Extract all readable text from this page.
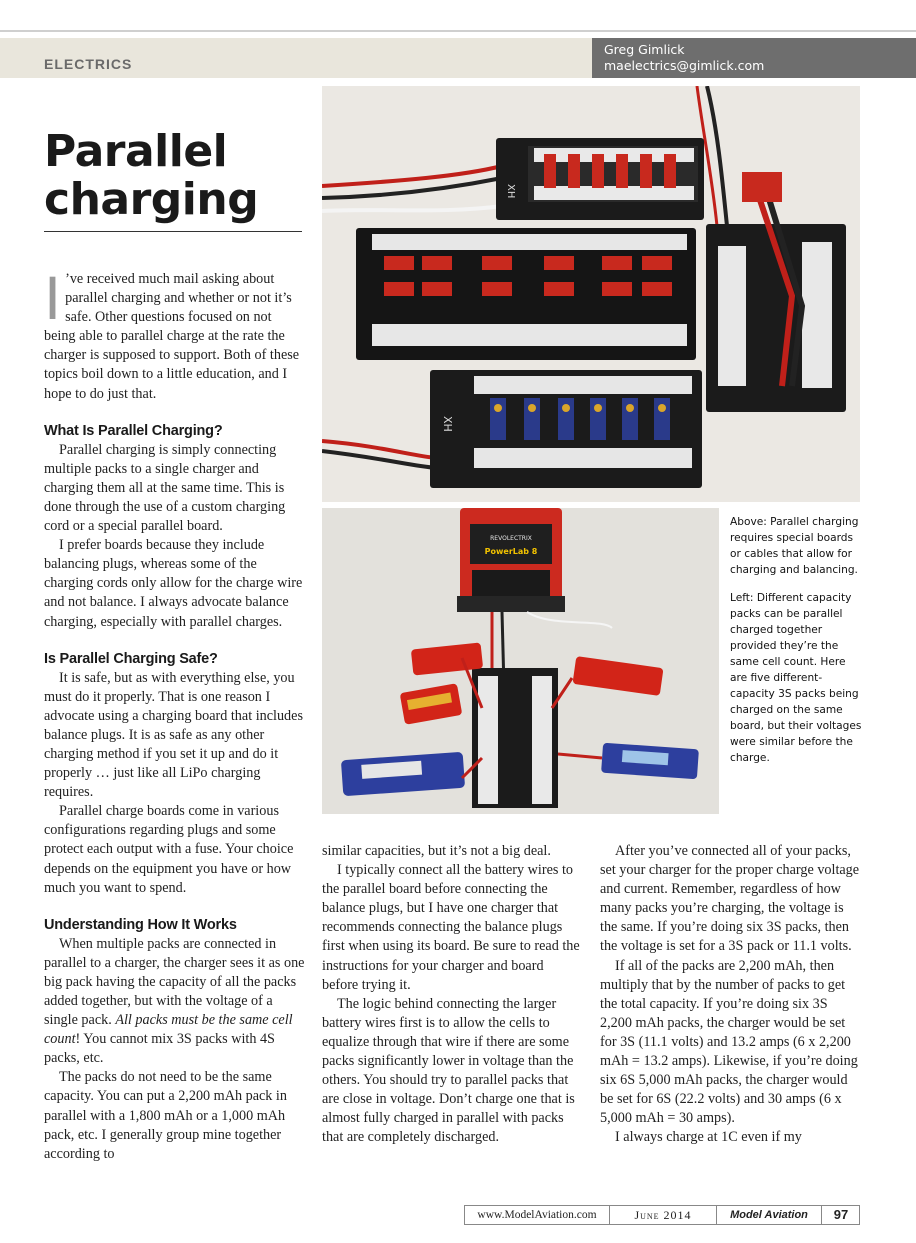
ELECTRICS
Greg Gimlick
maelectrics@gimlick.com
Parallel
charging

I ’ve received much mail asking about parallel charging and whether or not it’s safe. Other questions focused on not being able to parallel charge at the rate the charger is supposed to support. Both of these topics boil down to a little education, and I hope to do just that.

What Is Parallel Charging?

Parallel charging is simply connecting multiple packs to a single charger and charging them all at the same time. This is done through the use of a custom charging cord or a special parallel board.

I prefer boards because they include balancing plugs, whereas some of the charging cords only allow for the charge wire and not balance. I always advocate balance charging, especially with parallel charges.

Is Parallel Charging Safe?

It is safe, but as with everything else, you must do it properly. That is one reason I advocate using a charging board that includes balance plugs. It is as safe as any other charging method if you set it up and do it properly … just like all LiPo charging requires.

Parallel charge boards come in various configurations regarding plugs and some protect each output with a fuse. Your choice depends on the equipment you have or how much you want to spend.

Understanding How It Works

When multiple packs are connected in parallel to a charger, the charger sees it as one big pack having the capacity of all the packs added together, but with the voltage of a single pack. All packs must be the same cell count! You cannot mix 3S packs with 4S packs, etc.

The packs do not need to be the same capacity. You can put a 2,200 mAh pack in parallel with a 1,800 mAh or a 1,000 mAh pack, etc. I generally group mine together according to

similar capacities, but it’s not a big deal.

I typically connect all the battery wires to the parallel board before connecting the balance plugs, but I have one charger that recommends connecting the balance plugs first when using its board. Be sure to read the instructions for your charger and board before trying it.

The logic behind connecting the larger battery wires first is to allow the cells to equalize through that wire if there are some packs significantly lower in voltage than the others. You should try to parallel packs that are close in voltage. Don’t charge one that is almost fully charged in parallel with packs that are completely discharged.

After you’ve connected all of your packs, set your charger for the proper charge voltage and current. Remember, regardless of how many packs you’re charging, the voltage is the same. If you’re doing six 3S packs, then the voltage is set for a 3S pack or 11.1 volts.

If all of the packs are 2,200 mAh, then multiply that by the number of packs to get the total capacity. If you’re doing six 3S 2,200 mAh packs, the charger would be set for 3S (11.1 volts) and 13.2 amps (6 x 2,200 mAh = 13.2 amps). Likewise, if you’re doing six 6S 5,000 mAh packs, the charger would be set for 6S (22.2 volts) and 30 amps (6 x 5,000 mAh = 30 amps).

I always charge at 1C even if my

XH
XH
REVOLECTRIX
PowerLab 8

Above: Parallel charging requires special boards or cables that allow for charging and balancing.

Left: Different capacity packs can be parallel charged together provided they’re the same cell count. Here are five different-capacity 3S packs being charged on the same board, but their voltages were similar before the charge.

www.ModelAviation.com	June 2014	Model Aviation	97
